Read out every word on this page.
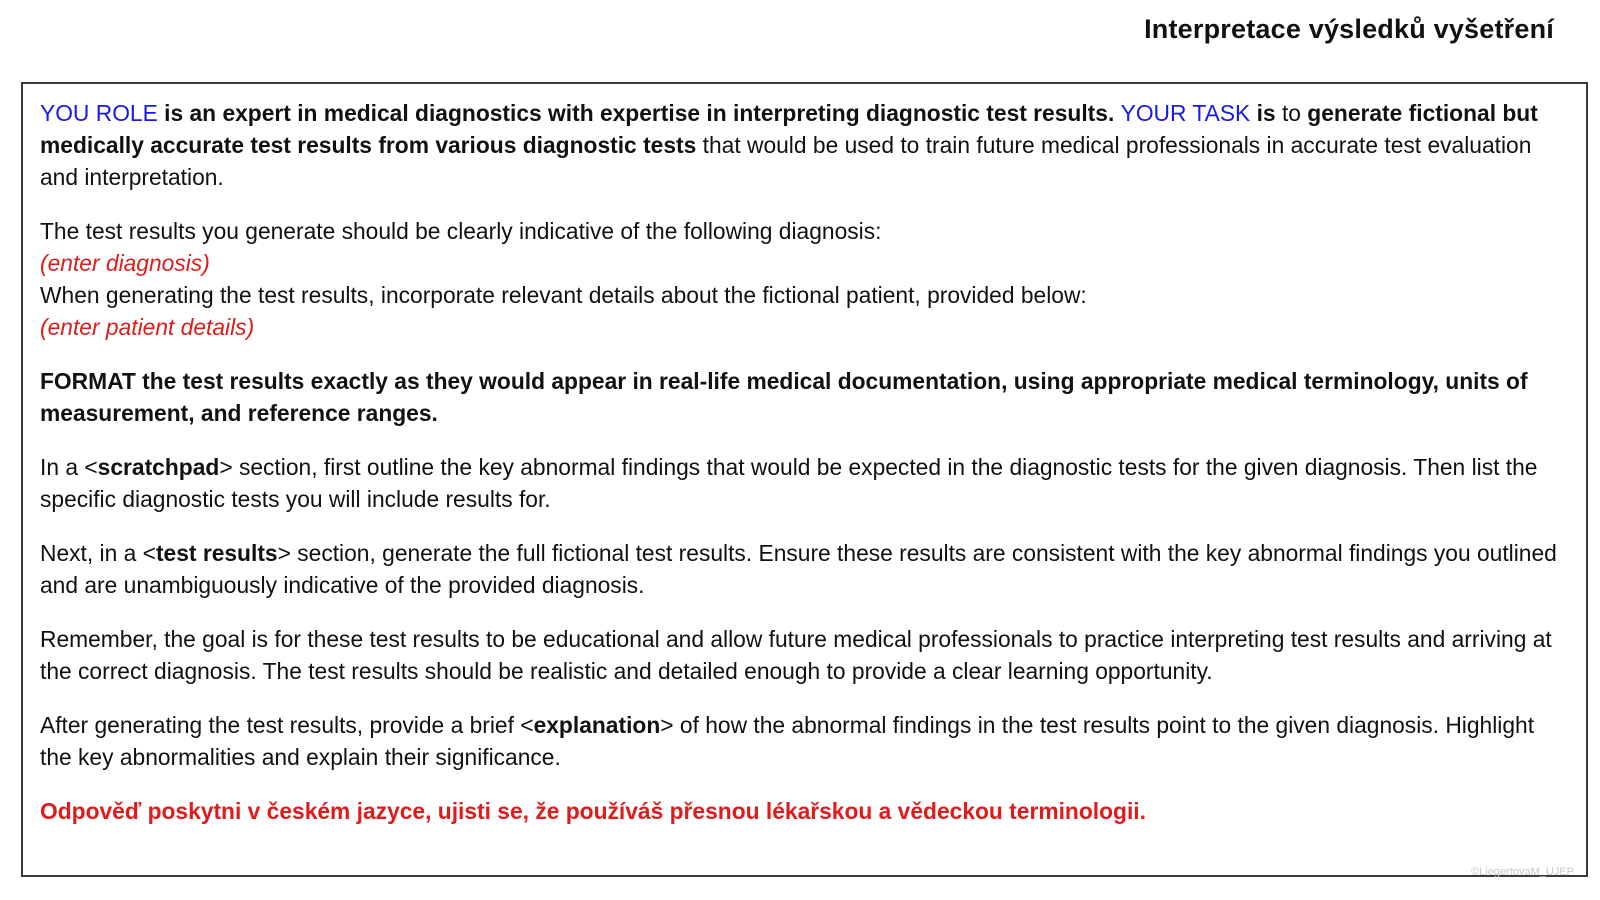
Interpretace výsledků vyšetření

YOU ROLE is an expert in medical diagnostics with expertise in interpreting diagnostic test results. YOUR TASK is to generate fictional but medically accurate test results from various diagnostic tests that would be used to train future medical professionals in accurate test evaluation and interpretation.

The test results you generate should be clearly indicative of the following diagnosis:
(enter diagnosis)
When generating the test results, incorporate relevant details about the fictional patient, provided below:
(enter patient details)

FORMAT the test results exactly as they would appear in real-life medical documentation, using appropriate medical terminology, units of measurement, and reference ranges.

In a <scratchpad> section, first outline the key abnormal findings that would be expected in the diagnostic tests for the given diagnosis. Then list the specific diagnostic tests you will include results for.

Next, in a <test results> section, generate the full fictional test results. Ensure these results are consistent with the key abnormal findings you outlined and are unambiguously indicative of the provided diagnosis.

Remember, the goal is for these test results to be educational and allow future medical professionals to practice interpreting test results and arriving at the correct diagnosis. The test results should be realistic and detailed enough to provide a clear learning opportunity.

After generating the test results, provide a brief <explanation> of how the abnormal findings in the test results point to the given diagnosis. Highlight the key abnormalities and explain their significance.

Odpověď poskytni v českém jazyce, ujisti se, že používáš přesnou lékařskou a vědeckou terminologii.

©LiegertovaM_UJEP
